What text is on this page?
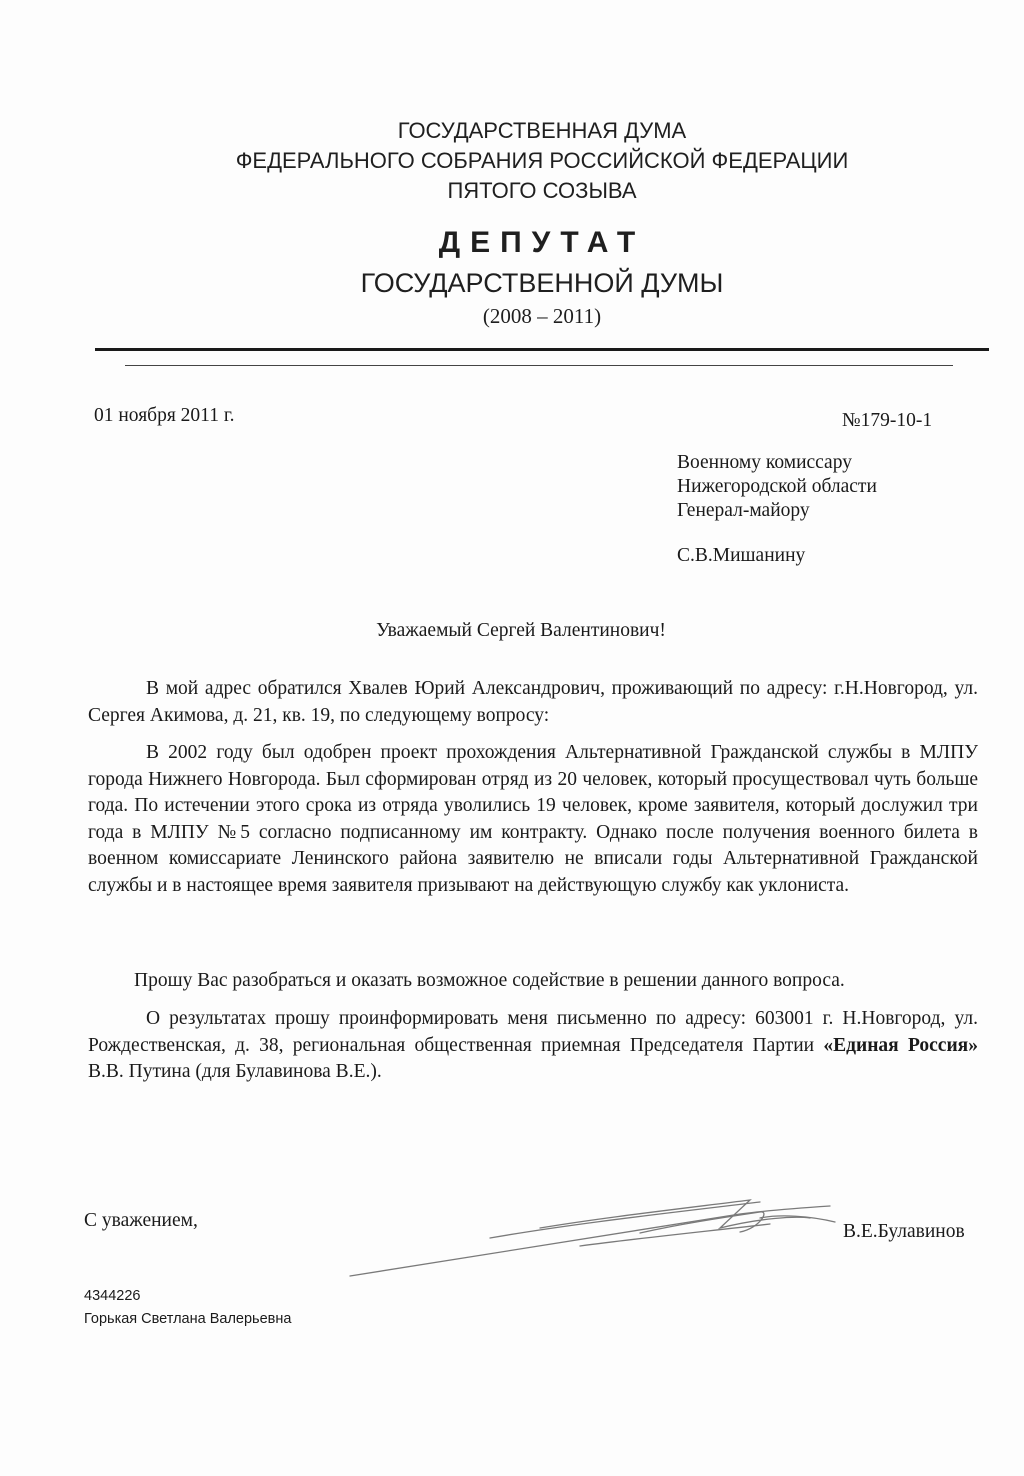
ГОСУДАРСТВЕННАЯ ДУМА
ФЕДЕРАЛЬНОГО СОБРАНИЯ РОССИЙСКОЙ ФЕДЕРАЦИИ
ПЯТОГО СОЗЫВА
ДЕПУТАТ
ГОСУДАРСТВЕННОЙ ДУМЫ
(2008 – 2011)
01 ноября 2011 г.	№179-10-1
Военному комиссару
Нижегородской области
Генерал-майору
С.В.Мишанину
Уважаемый Сергей Валентинович!

В мой адрес обратился Хвалев Юрий Александрович, проживающий по адресу: г.Н.Новгород, ул. Сергея Акимова, д. 21, кв. 19, по следующему вопросу:

В 2002 году был одобрен проект прохождения Альтернативной Гражданской службы в МЛПУ города Нижнего Новгорода. Был сформирован отряд из 20 человек, который просуществовал чуть больше года. По истечении этого срока из отряда уволились 19 человек, кроме заявителя, который дослужил три года в МЛПУ №5 согласно подписанному им контракту. Однако после получения военного билета в военном комиссариате Ленинского района заявителю не вписали годы Альтернативной Гражданской службы и в настоящее время заявителя призывают на действующую службу как уклониста.

Прошу Вас разобраться и оказать возможное содействие в решении данного вопроса.

О результатах прошу проинформировать меня письменно по адресу: 603001 г. Н.Новгород, ул. Рождественская, д. 38, региональная общественная приемная Председателя Партии «Единая Россия» В.В. Путина (для Булавинова В.Е.).

С уважением,
В.Е.Булавинов
4344226
Горькая Светлана Валерьевна
